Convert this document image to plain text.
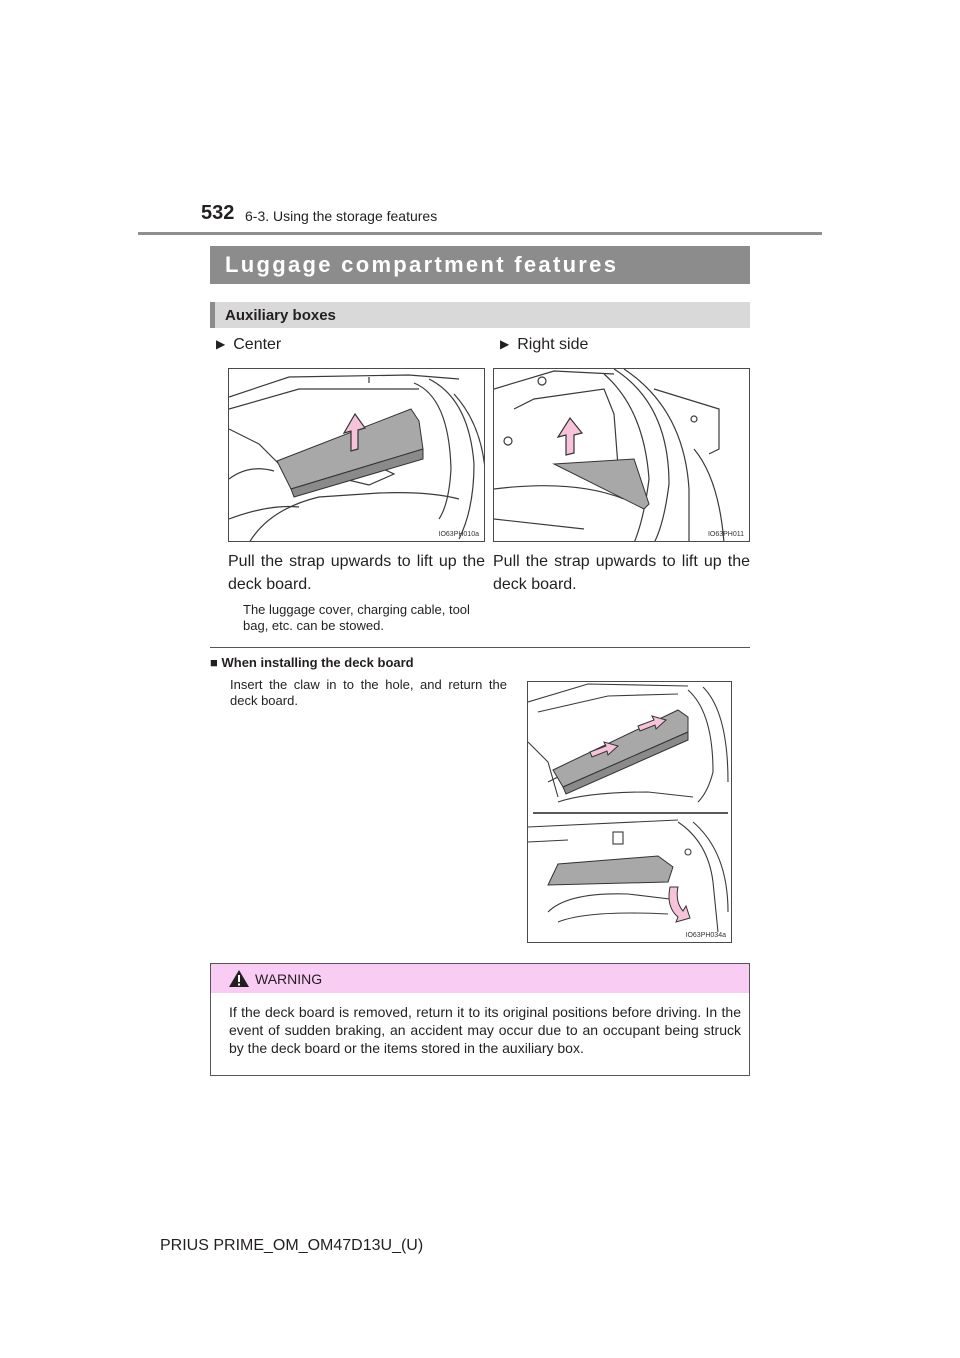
532 6-3. Using the storage features
Luggage compartment features
Auxiliary boxes
▶ Center	▶ Right side
IO63PH010a	IO63PH011
Pull the strap upwards to lift up the deck board.
The luggage cover, charging cable, tool bag, etc. can be stowed.
Pull the strap upwards to lift up the deck board.
■ When installing the deck board
Insert the claw in to the hole, and return the deck board.
IO63PH034a
WARNING
If the deck board is removed, return it to its original positions before driving. In the event of sudden braking, an accident may occur due to an occupant being struck by the deck board or the items stored in the auxiliary box.
PRIUS PRIME_OM_OM47D13U_(U)
